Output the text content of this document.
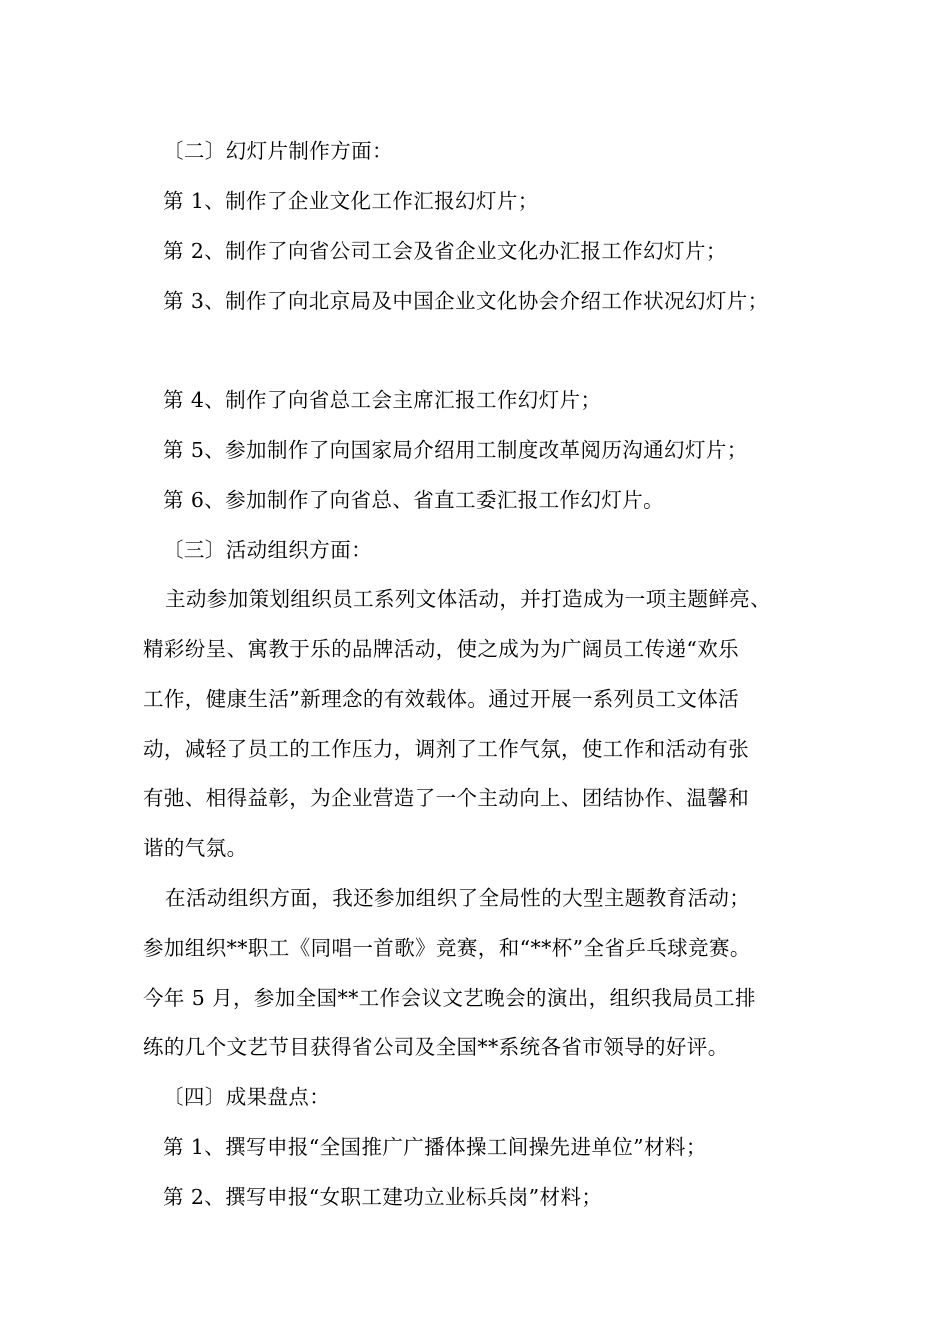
〔二〕幻灯片制作方面：
第 1、制作了企业文化工作汇报幻灯片；
第 2、制作了向省公司工会及省企业文化办汇报工作幻灯片；
第 3、制作了向北京局及中国企业文化协会介绍工作状况幻灯片；
第 4、制作了向省总工会主席汇报工作幻灯片；
第 5、参加制作了向国家局介绍用工制度改革阅历沟通幻灯片；
第 6、参加制作了向省总、省直工委汇报工作幻灯片。
〔三〕活动组织方面：
主动参加策划组织员工系列文体活动，并打造成为一项主题鲜亮、
精彩纷呈、寓教于乐的品牌活动，使之成为为广阔员工传递“欢乐
工作，健康生活”新理念的有效载体。通过开展一系列员工文体活
动，减轻了员工的工作压力，调剂了工作气氛，使工作和活动有张
有弛、相得益彰，为企业营造了一个主动向上、团结协作、温馨和
谐的气氛。
在活动组织方面，我还参加组织了全局性的大型主题教育活动；
参加组织**职工《同唱一首歌》竞赛，和“**杯”全省乒乓球竞赛。
今年 5 月，参加全国**工作会议文艺晚会的演出，组织我局员工排
练的几个文艺节目获得省公司及全国**系统各省市领导的好评。
〔四〕成果盘点：
第 1、撰写申报“全国推广广播体操工间操先进单位”材料；
第 2、撰写申报“女职工建功立业标兵岗”材料；
